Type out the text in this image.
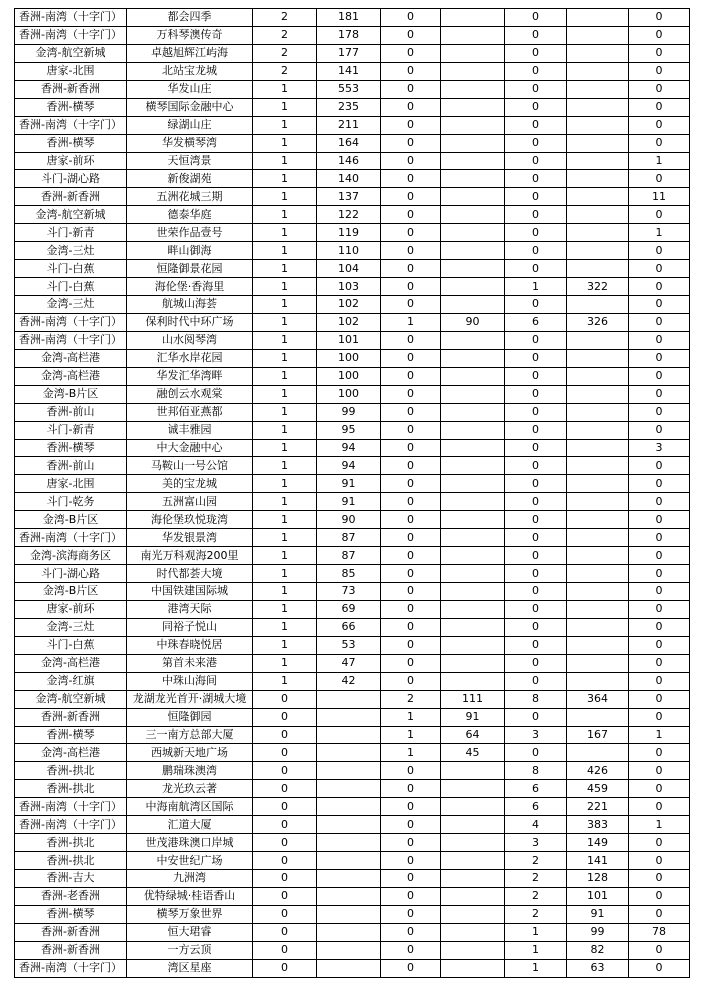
香洲-南湾（十字门）	都会四季	2	181	0		0		0
香洲-南湾（十字门）	万科琴澳传奇	2	178	0		0		0
金湾-航空新城	卓越旭辉江屿海	2	177	0		0		0
唐家-北围	北站宝龙城	2	141	0		0		0
香洲-新香洲	华发山庄	1	553	0		0		0
香洲-横琴	横琴国际金融中心	1	235	0		0		0
香洲-南湾（十字门）	绿湖山庄	1	211	0		0		0
香洲-横琴	华发横琴湾	1	164	0		0		0
唐家-前环	天恒湾景	1	146	0		0		1
斗门-湖心路	新俊湖苑	1	140	0		0		0
香洲-新香洲	五洲花城三期	1	137	0		0		11
金湾-航空新城	德泰华庭	1	122	0		0		0
斗门-新青	世荣作品壹号	1	119	0		0		1
金湾-三灶	畔山御海	1	110	0		0		0
斗门-白蕉	恒隆御景花园	1	104	0		0		0
斗门-白蕉	海伦堡·香海里	1	103	0		1	322	0
金湾-三灶	航城山海荟	1	102	0		0		0
香洲-南湾（十字门）	保利时代中环广场	1	102	1	90	6	326	0
香洲-南湾（十字门）	山水阅琴湾	1	101	0		0		0
金湾-高栏港	汇华水岸花园	1	100	0		0		0
金湾-高栏港	华发汇华湾畔	1	100	0		0		0
金湾-B片区	融创云水观棠	1	100	0		0		0
香洲-前山	世邦佰亚燕都	1	99	0		0		0
斗门-新青	诚丰雅园	1	95	0		0		0
香洲-横琴	中大金融中心	1	94	0		0		3
香洲-前山	马鞍山一号公馆	1	94	0		0		0
唐家-北围	美的宝龙城	1	91	0		0		0
斗门-乾务	五洲富山园	1	91	0		0		0
金湾-B片区	海伦堡玖悦珑湾	1	90	0		0		0
香洲-南湾（十字门）	华发银景湾	1	87	0		0		0
金湾-滨海商务区	南光万科观海200里	1	87	0		0		0
斗门-湖心路	时代都荟大境	1	85	0		0		0
金湾-B片区	中国铁建国际城	1	73	0		0		0
唐家-前环	港湾天际	1	69	0		0		0
金湾-三灶	同裕子悦山	1	66	0		0		0
斗门-白蕉	中珠春晓悦居	1	53	0		0		0
金湾-高栏港	第首未来港	1	47	0		0		0
金湾-红旗	中珠山海间	1	42	0		0		0
金湾-航空新城	龙湖龙光首开·湖城大境	0		2	111	8	364	0
香洲-新香洲	恒隆御园	0		1	91	0		0
香洲-横琴	三一南方总部大厦	0		1	64	3	167	1
金湾-高栏港	西城新天地广场	0		1	45	0		0
香洲-拱北	鹏瑞珠澳湾	0		0		8	426	0
香洲-拱北	龙光玖云著	0		0		6	459	0
香洲-南湾（十字门）	中海南航湾区国际	0		0		6	221	0
香洲-南湾（十字门）	汇道大厦	0		0		4	383	1
香洲-拱北	世茂港珠澳口岸城	0		0		3	149	0
香洲-拱北	中安世纪广场	0		0		2	141	0
香洲-吉大	九洲湾	0		0		2	128	0
香洲-老香洲	优特绿城·桂语香山	0		0		2	101	0
香洲-横琴	横琴万象世界	0		0		2	91	0
香洲-新香洲	恒大珺睿	0		0		1	99	78
香洲-新香洲	一方云顶	0		0		1	82	0
香洲-南湾（十字门）	湾区星座	0		0		1	63	0
